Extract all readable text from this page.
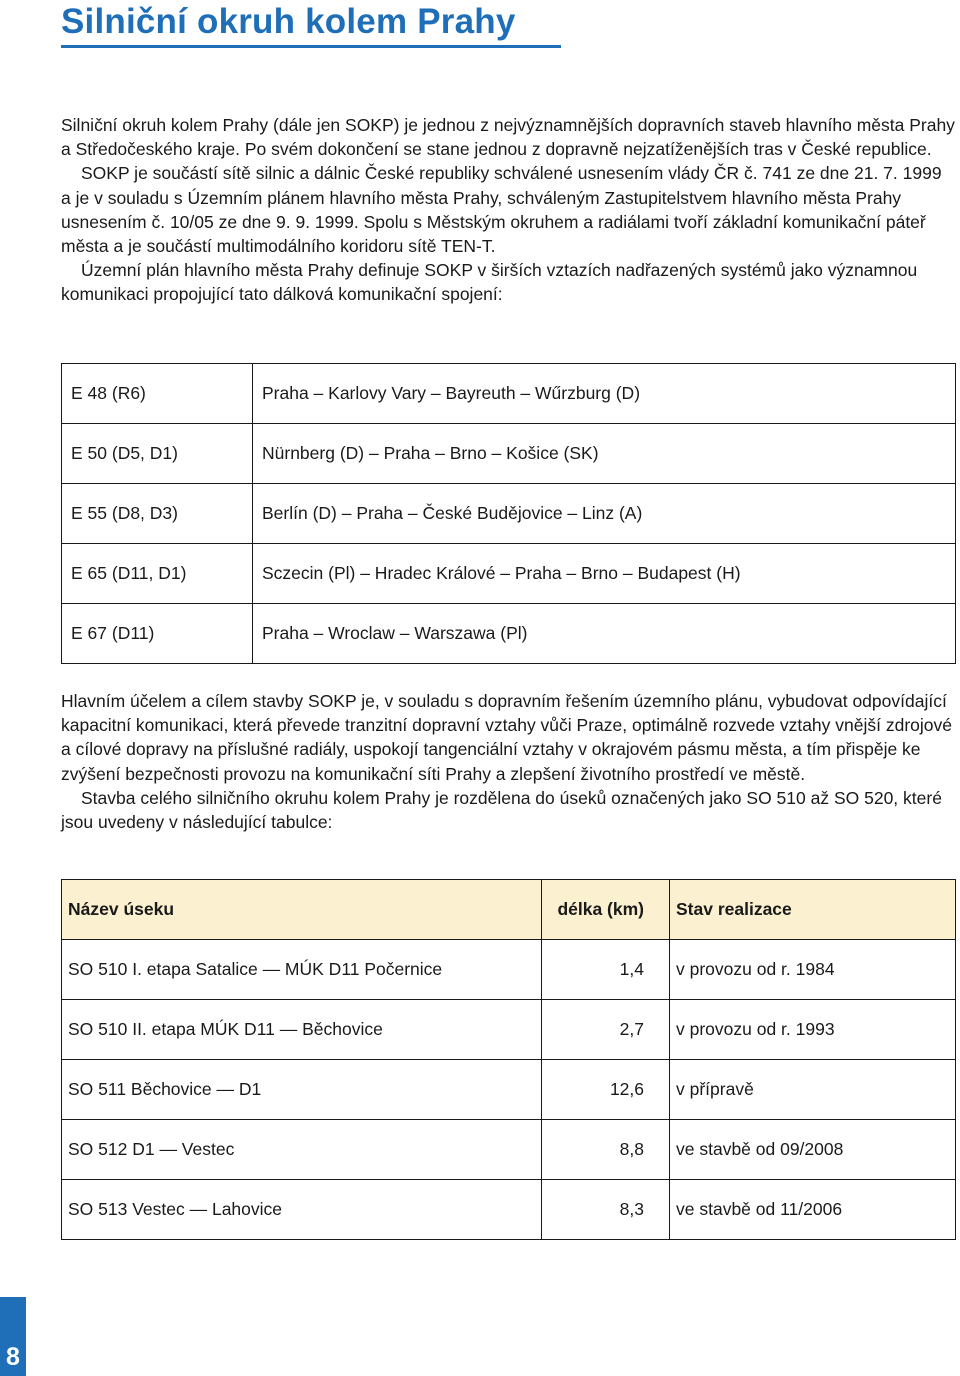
Silniční okruh kolem Prahy

Silniční okruh kolem Prahy (dále jen SOKP) je jednou z nejvýznamnějších dopravních staveb hlavního města Prahy a Středočeského kraje. Po svém dokončení se stane jednou z dopravně nejzatíženějších tras v České republice.

SOKP je součástí sítě silnic a dálnic České republiky schválené usnesením vlády ČR č. 741 ze dne 21. 7. 1999 a je v souladu s Územním plánem hlavního města Prahy, schváleným Zastupitelstvem hlavního města Prahy usnesením č. 10/05 ze dne 9. 9. 1999. Spolu s Městským okruhem a radiálami tvoří základní komunikační páteř města a je součástí multimodálního koridoru sítě TEN-T.

Územní plán hlavního města Prahy definuje SOKP v širších vztazích nadřazených systémů jako významnou komunikaci propojující tato dálková komunikační spojení:

E 48 (R6)	Praha – Karlovy Vary – Bayreuth – Wűrzburg (D)
E 50 (D5, D1)	Nürnberg (D) – Praha – Brno – Košice (SK)
E 55 (D8, D3)	Berlín (D) – Praha – České Budějovice – Linz (A)
E 65 (D11, D1)	Sczecin (Pl) – Hradec Králové – Praha – Brno – Budapest (H)
E 67 (D11)	Praha – Wroclaw – Warszawa (Pl)

Hlavním účelem a cílem stavby SOKP je, v souladu s dopravním řešením územního plánu, vybudovat odpovídající kapacitní komunikaci, která převede tranzitní dopravní vztahy vůči Praze, optimálně rozvede vztahy vnější zdrojové a cílové dopravy na příslušné radiály, uspokojí tangenciální vztahy v okrajovém pásmu města, a tím přispěje ke zvýšení bezpečnosti provozu na komunikační síti Prahy a zlepšení životního prostředí ve městě.

Stavba celého silničního okruhu kolem Prahy je rozdělena do úseků označených jako SO 510 až SO 520, které jsou uvedeny v následující tabulce:

Název úseku	délka (km)	Stav realizace
SO 510 I. etapa Satalice — MÚK D11 Počernice	1,4	v provozu od r. 1984
SO 510 II. etapa MÚK D11 — Běchovice	2,7	v provozu od r. 1993
SO 511 Běchovice — D1	12,6	v přípravě
SO 512 D1 — Vestec	8,8	ve stavbě od 09/2008
SO 513 Vestec — Lahovice	8,3	ve stavbě od 11/2006
8
